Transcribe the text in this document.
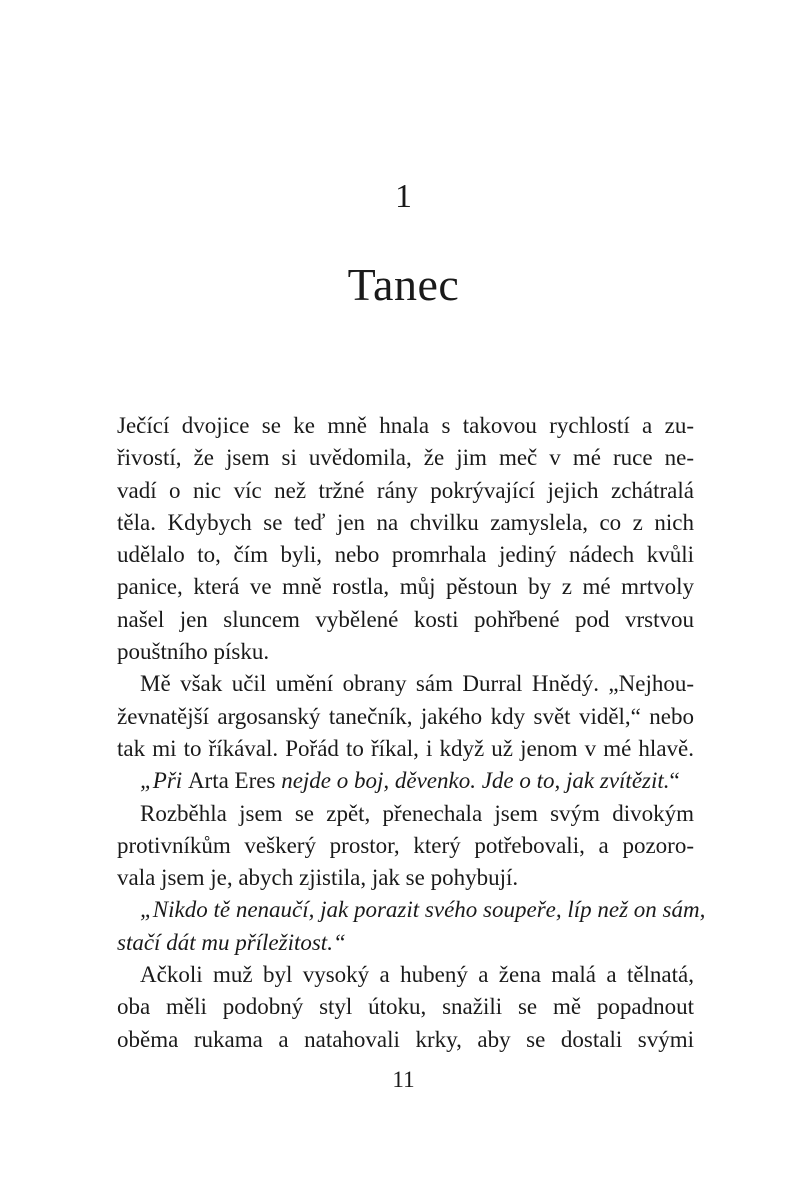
1
Tanec
Ječící dvojice se ke mně hnala s takovou rychlostí a zu-
řivostí, že jsem si uvědomila, že jim meč v mé ruce ne-
vadí o nic víc než tržné rány pokrývající jejich zchátralá
těla. Kdybych se teď jen na chvilku zamyslela, co z nich
udělalo to, čím byli, nebo promrhala jediný nádech kvůli
panice, která ve mně rostla, můj pěstoun by z mé mrtvoly
našel jen sluncem vybělené kosti pohřbené pod vrstvou
pouštního písku.
Mě však učil umění obrany sám Durral Hnědý. „Nejhou-
ževnatější argosanský tanečník, jakého kdy svět viděl,“ nebo
tak mi to říkával. Pořád to říkal, i když už jenom v mé hlavě.
„Při Arta Eres nejde o boj, děvenko. Jde o to, jak zvítězit.“
Rozběhla jsem se zpět, přenechala jsem svým divokým
protivníkům veškerý prostor, který potřebovali, a pozoro-
vala jsem je, abych zjistila, jak se pohybují.
„Nikdo tě nenaučí, jak porazit svého soupeře, líp než on sám,
stačí dát mu příležitost.“
Ačkoli muž byl vysoký a hubený a žena malá a tělnatá,
oba měli podobný styl útoku, snažili se mě popadnout
oběma rukama a natahovali krky, aby se dostali svými
11
